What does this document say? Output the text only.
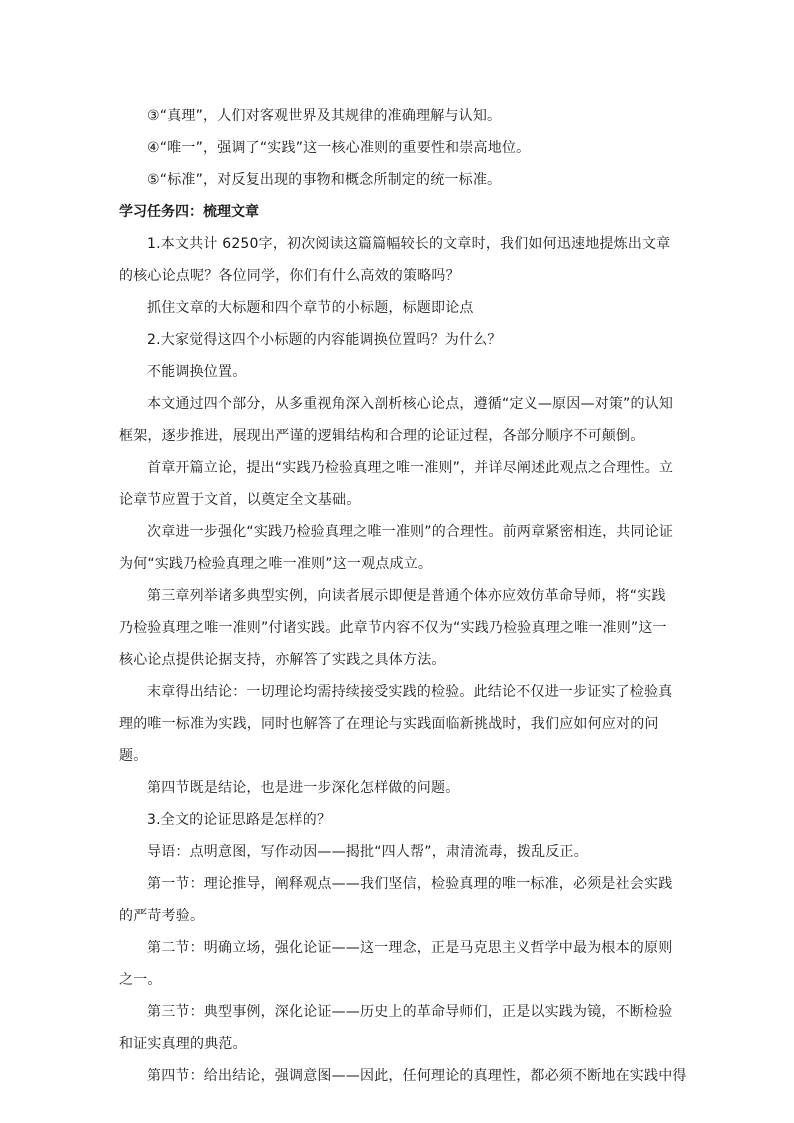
③“真理”，人们对客观世界及其规律的准确理解与认知。

④“唯一”，强调了“实践”这一核心准则的重要性和崇高地位。

⑤“标准”，对反复出现的事物和概念所制定的统一标准。

学习任务四：梳理文章

1.本文共计 6250字，初次阅读这篇篇幅较长的文章时，我们如何迅速地提炼出文章的核心论点呢？各位同学，你们有什么高效的策略吗？

抓住文章的大标题和四个章节的小标题，标题即论点

2.大家觉得这四个小标题的内容能调换位置吗？为什么？

不能调换位置。

本文通过四个部分，从多重视角深入剖析核心论点，遵循“定义—原因—对策”的认知框架，逐步推进，展现出严谨的逻辑结构和合理的论证过程，各部分顺序不可颠倒。

首章开篇立论，提出“实践乃检验真理之唯一准则”，并详尽阐述此观点之合理性。立论章节应置于文首，以奠定全文基础。

次章进一步强化“实践乃检验真理之唯一准则”的合理性。前两章紧密相连，共同论证为何“实践乃检验真理之唯一准则”这一观点成立。

第三章列举诸多典型实例，向读者展示即便是普通个体亦应效仿革命导师，将“实践乃检验真理之唯一准则”付诸实践。此章节内容不仅为“实践乃检验真理之唯一准则”这一核心论点提供论据支持，亦解答了实践之具体方法。

末章得出结论：一切理论均需持续接受实践的检验。此结论不仅进一步证实了检验真理的唯一标准为实践，同时也解答了在理论与实践面临新挑战时，我们应如何应对的问题。

第四节既是结论，也是进一步深化怎样做的问题。

3.全文的论证思路是怎样的？

导语：点明意图，写作动因——揭批“四人帮”，肃清流毒，拨乱反正。

第一节：理论推导，阐释观点——我们坚信，检验真理的唯一标准，必须是社会实践的严苛考验。

第二节：明确立场，强化论证——这一理念，正是马克思主义哲学中最为根本的原则之一。

第三节：典型事例，深化论证——历史上的革命导师们，正是以实践为镜，不断检验和证实真理的典范。

第四节：给出结论，强调意图——因此，任何理论的真理性，都必须不断地在实践中得
